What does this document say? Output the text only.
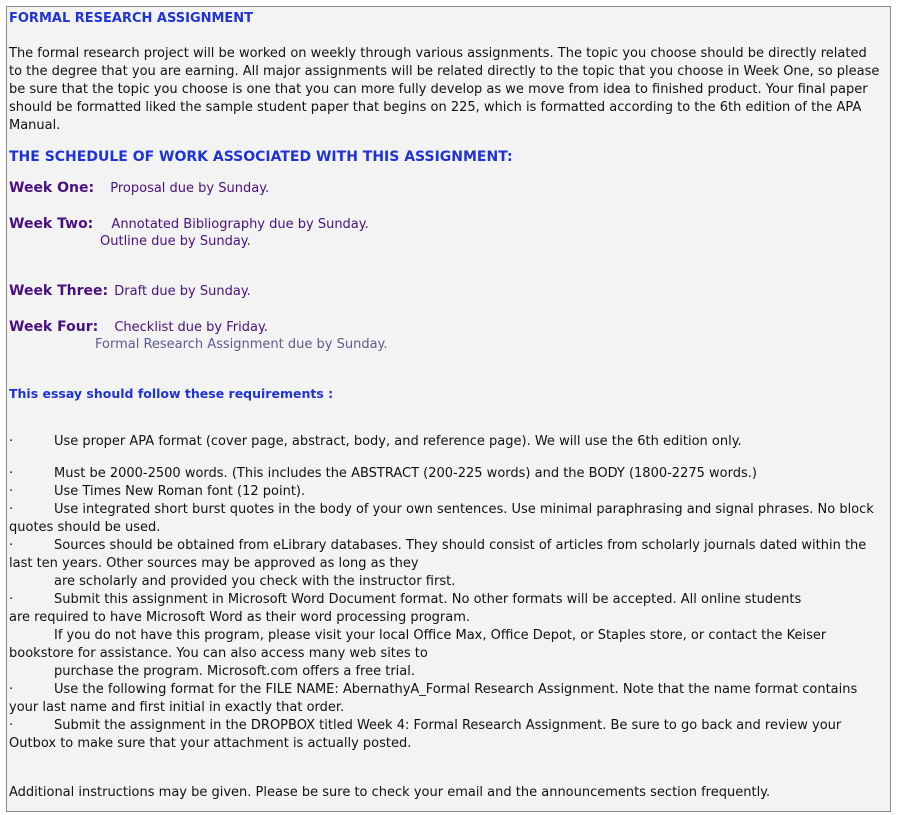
FORMAL RESEARCH ASSIGNMENT
The formal research project will be worked on weekly through various assignments. The topic you choose should be directly related
to the degree that you are earning. All major assignments will be related directly to the topic that you choose in Week One, so please
be sure that the topic you choose is one that you can more fully develop as we move from idea to finished product. Your final paper
should be formatted liked the sample student paper that begins on 225, which is formatted according to the 6th edition of the APA
Manual.
THE SCHEDULE OF WORK ASSOCIATED WITH THIS ASSIGNMENT:
Week One: Proposal due by Sunday.
Week Two: Annotated Bibliography due by Sunday.
Outline due by Sunday.
Week Three: Draft due by Sunday.
Week Four: Checklist due by Friday.
Formal Research Assignment due by Sunday.
This essay should follow these requirements :
·	Use proper APA format (cover page, abstract, body, and reference page). We will use the 6th edition only.
·	Must be 2000-2500 words. (This includes the ABSTRACT (200-225 words) and the BODY (1800-2275 words.)
·	Use Times New Roman font (12 point).
·	Use integrated short burst quotes in the body of your own sentences. Use minimal paraphrasing and signal phrases. No block
quotes should be used.
·	Sources should be obtained from eLibrary databases. They should consist of articles from scholarly journals dated within the
last ten years. Other sources may be approved as long as they
are scholarly and provided you check with the instructor first.
·	Submit this assignment in Microsoft Word Document format. No other formats will be accepted. All online students
are required to have Microsoft Word as their word processing program.
If you do not have this program, please visit your local Office Max, Office Depot, or Staples store, or contact the Keiser
bookstore for assistance. You can also access many web sites to
purchase the program. Microsoft.com offers a free trial.
·	Use the following format for the FILE NAME: AbernathyA_Formal Research Assignment. Note that the name format contains
your last name and first initial in exactly that order.
·	Submit the assignment in the DROPBOX titled Week 4: Formal Research Assignment. Be sure to go back and review your
Outbox to make sure that your attachment is actually posted.
Additional instructions may be given. Please be sure to check your email and the announcements section frequently.
